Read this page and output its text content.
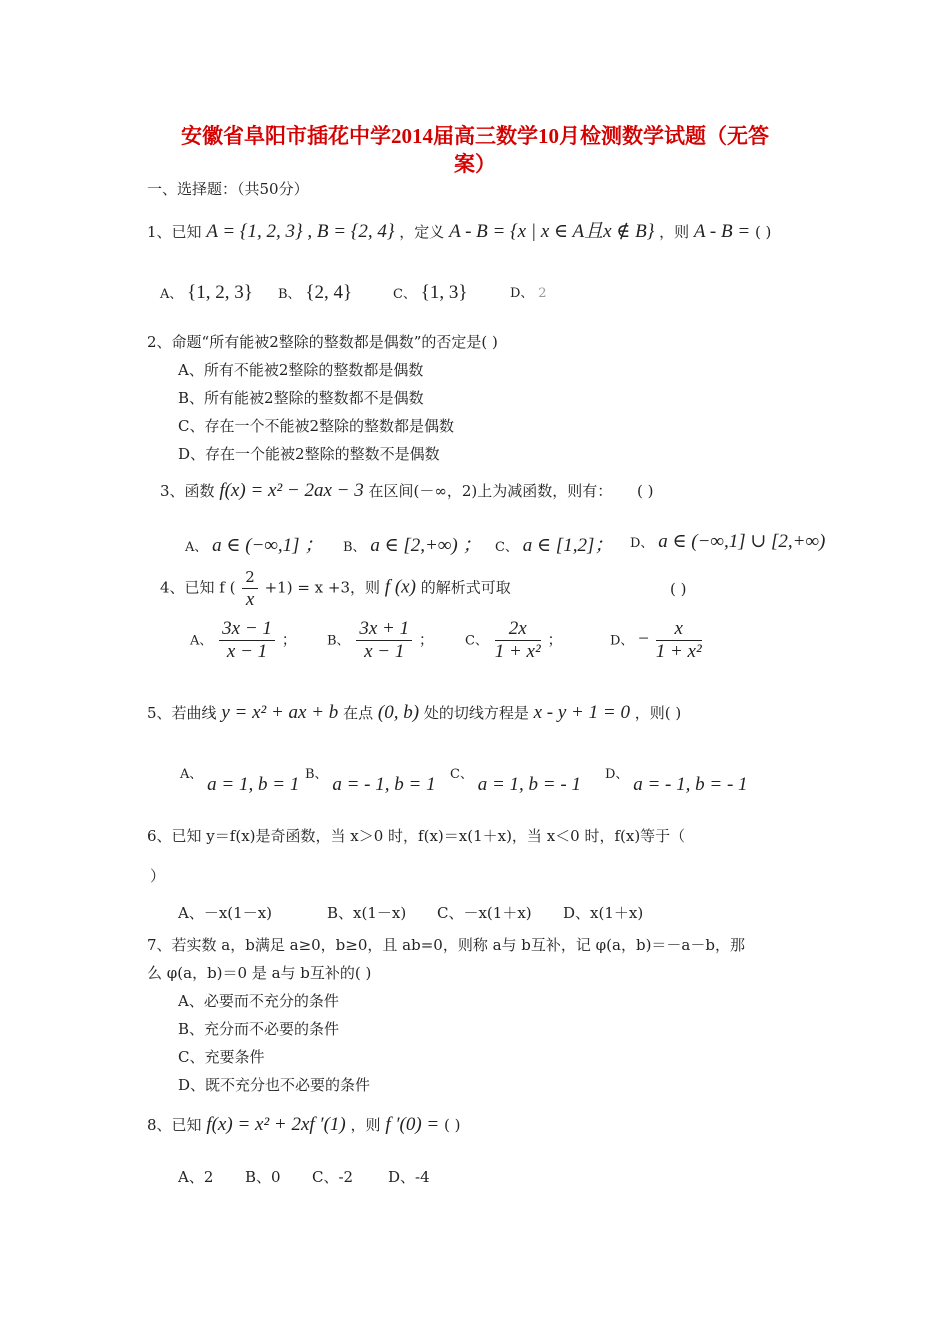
安徽省阜阳市插花中学2014届高三数学10月检测数学试题（无答
案）
一、选择题：（共50分）
1、已知 A = {1, 2, 3} , B = {2, 4} ，定义 A - B = {x | x ∈ A且x ∉ B} ，则 A - B = ( )
A、 {1, 2, 3} B、 {2, 4}	C、 {1, 3}	D、 2
2、命题“所有能被2整除的整数都是偶数”的否定是( )
A、所有不能被2整除的整数都是偶数
B、所有能被2整除的整数都不是偶数
C、存在一个不能被2整除的整数都是偶数
D、存在一个能被2整除的整数不是偶数
3、函数 f(x) = x² − 2ax − 3 在区间(－∞，2)上为减函数，则有： ( )
A、 a ∈ (−∞,1] ； B、 a ∈ [2,+∞) ； C、 a ∈ [1,2]； D、 a ∈ (−∞,1] ∪ [2,+∞)
4、已知 f ( $\frac{2}{x} +1) = x +3$，则 f (x) 的解析式可取	( )
A、 $\frac{3x - 1}{x - 1}$ ； B、 $\frac{3x + 1}{x - 1}$ ； C、 $\frac{2x}{\text{1 + x²}}$ ；	D、 − $\frac{x}{\text{1 + x²}}$
5、若曲线 y = x² + ax + b 在点 (0, b) 处的切线方程是 x - y + 1 = 0 ，则( )
A、 a = 1, b = 1 B、 a = - 1, b = 1 C、 a = 1, b = - 1 D、 a = - 1, b = - 1
6、已知 y＝f(x)是奇函数，当 x＞0 时，f(x)＝x(1＋x)，当 x＜0 时，f(x)等于（
）
A、－x(1－x)	B、x(1－x) C、－x(1＋x) D、x(1＋x)
7、若实数 a，b满足 a≥0，b≥0，且 ab=0，则称 a与 b互补，记 φ(a，b)＝－a－b，那
么 φ(a，b)＝0 是 a与 b互补的( )
A、必要而不充分的条件
B、充分而不必要的条件
C、充要条件
D、既不充分也不必要的条件
8、已知 f(x) = x² + 2xf ′(1) ，则 f ′(0) = ( )
A、2 B、0 C、-2 D、-4
